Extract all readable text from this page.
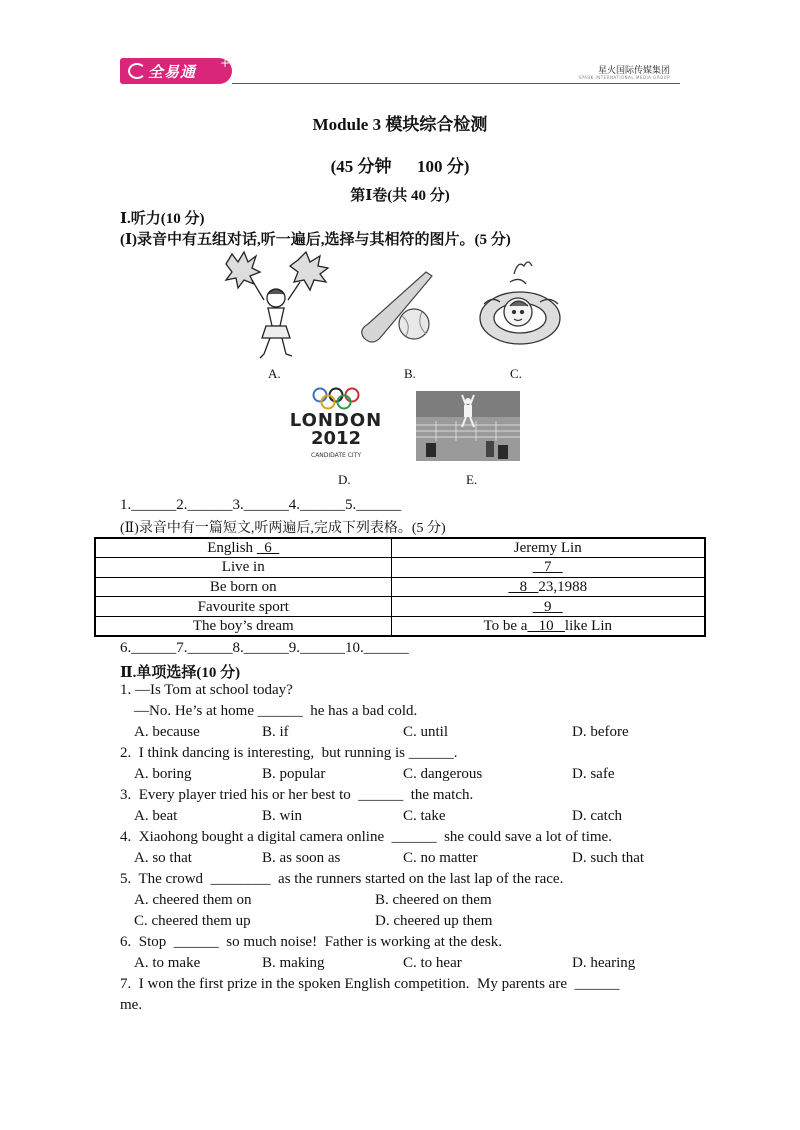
全易通 +
星火国际传媒集团
SPARK INTERNATIONAL MEDIA GROUP
Module 3 模块综合检测
(45 分钟      100 分)
第Ⅰ卷(共 40 分)
Ⅰ.听力(10 分)
(Ⅰ)录音中有五组对话,听一遍后,选择与其相符的图片。(5 分)
A.	B.	C.
LONDON
2012
CANDIDATE CITY
D.	E.
1.______2.______3.______4.______5.______
(Ⅱ)录音中有一篇短文,听两遍后,完成下列表格。(5 分)
English   6	Jeremy Lin
Live in	7
Be born on	8   23,1988
Favourite sport	9
The boy’s dream	To be a   10   like Lin
6.______7.______8.______9.______10.______
Ⅱ.单项选择(10 分)
1. —Is Tom at school today?
—No. He’s at home ______  he has a bad cold.
A. because	B. if	C. until	D. before
2.  I think dancing is interesting,  but running is ______.
A. boring	B. popular	C. dangerous	D. safe
3.  Every player tried his or her best to  ______  the match.
A. beat	B. win	C. take	D. catch
4.  Xiaohong bought a digital camera online  ______  she could save a lot of time.
A. so that	B. as soon as	C. no matter	D. such that
5.  The crowd  ________  as the runners started on the last lap of the race.
A. cheered them on	B. cheered on them
C. cheered them up	D. cheered up them
6.  Stop  ______  so much noise!  Father is working at the desk.
A. to make	B. making	C. to hear	D. hearing
7.  I won the first prize in the spoken English competition.  My parents are  ______
me.
